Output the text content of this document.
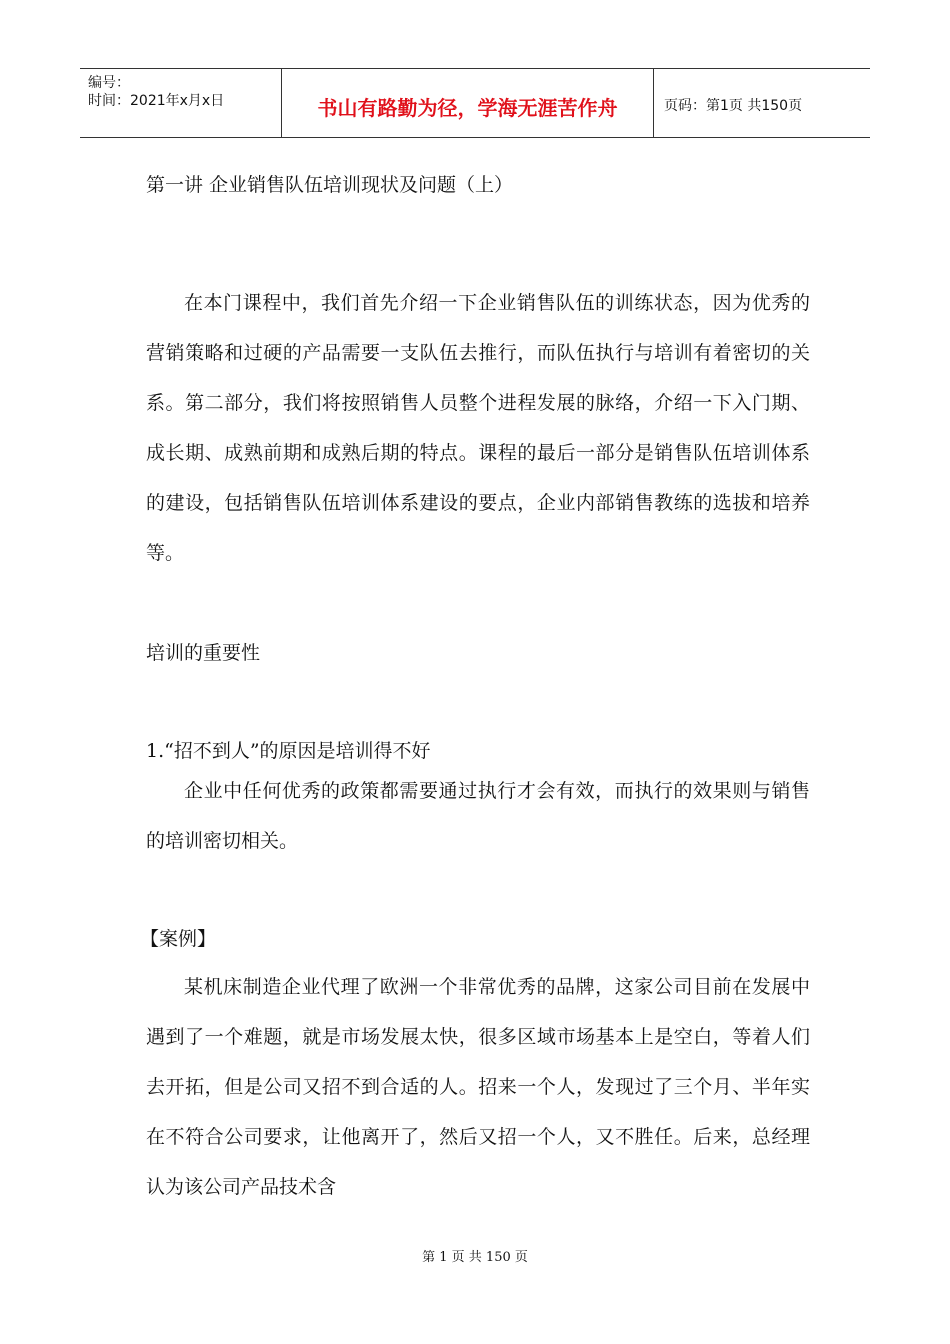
编号：
时间：2021年x月x日	书山有路勤为径，学海无涯苦作舟	页码：第1页 共150页

第一讲 企业销售队伍培训现状及问题（上）

在本门课程中，我们首先介绍一下企业销售队伍的训练状态，因为优秀的营销策略和过硬的产品需要一支队伍去推行，而队伍执行与培训有着密切的关系。第二部分，我们将按照销售人员整个进程发展的脉络，介绍一下入门期、成长期、成熟前期和成熟后期的特点。课程的最后一部分是销售队伍培训体系的建设，包括销售队伍培训体系建设的要点，企业内部销售教练的选拔和培养等。

培训的重要性

1.“招不到人”的原因是培训得不好

企业中任何优秀的政策都需要通过执行才会有效，而执行的效果则与销售的培训密切相关。

【案例】

某机床制造企业代理了欧洲一个非常优秀的品牌，这家公司目前在发展中遇到了一个难题，就是市场发展太快，很多区域市场基本上是空白，等着人们去开拓，但是公司又招不到合适的人。招来一个人，发现过了三个月、半年实在不符合公司要求，让他离开了，然后又招一个人，又不胜任。后来，总经理认为该公司产品技术含

第 1 页 共 150 页
